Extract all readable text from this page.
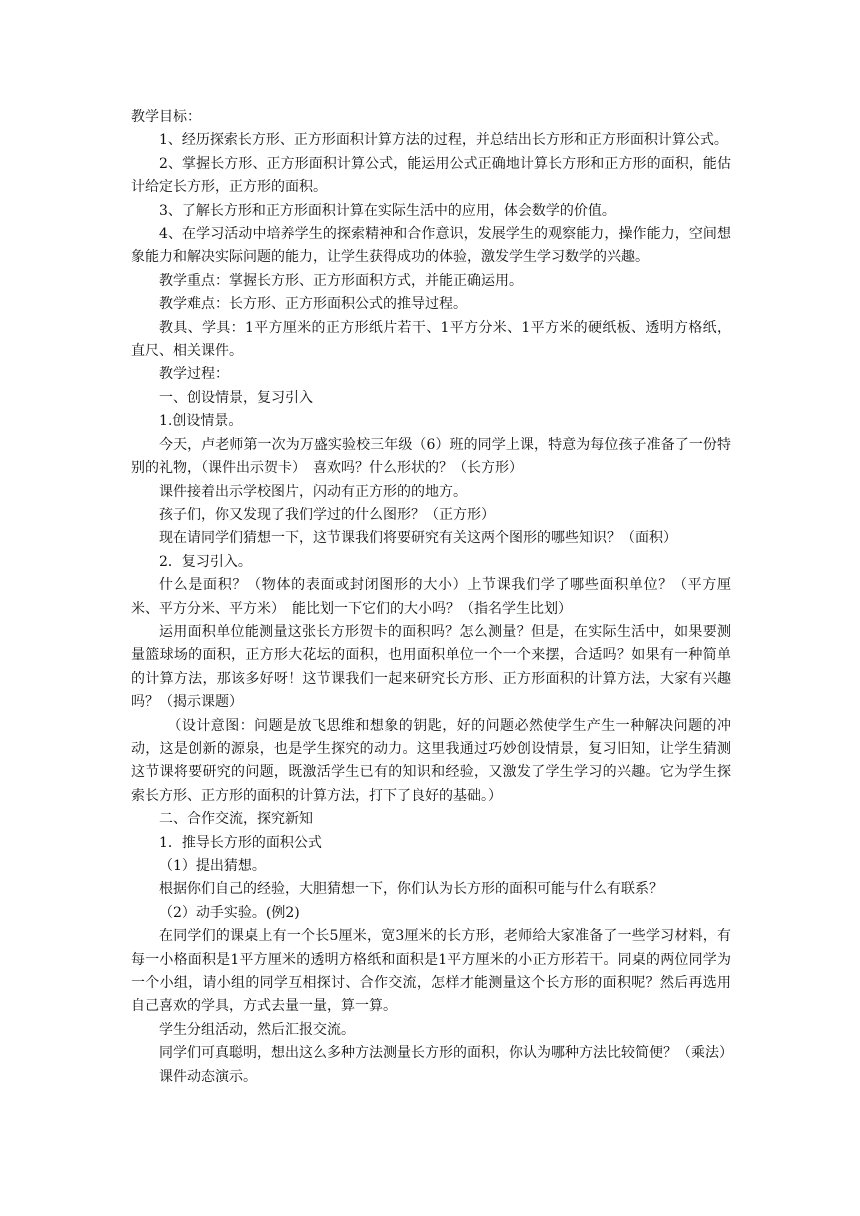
教学目标：

1、经历探索长方形、正方形面积计算方法的过程，并总结出长方形和正方形面积计算公式。

2、掌握长方形、正方形面积计算公式，能运用公式正确地计算长方形和正方形的面积，能估计给定长方形，正方形的面积。

3、了解长方形和正方形面积计算在实际生活中的应用，体会数学的价值。

4、在学习活动中培养学生的探索精神和合作意识，发展学生的观察能力，操作能力，空间想象能力和解决实际问题的能力，让学生获得成功的体验，激发学生学习数学的兴趣。

教学重点：掌握长方形、正方形面积方式，并能正确运用。

教学难点：长方形、正方形面积公式的推导过程。

教具、学具：1平方厘米的正方形纸片若干、1平方分米、1平方米的硬纸板、透明方格纸，直尺、相关课件。

教学过程：

一、创设情景，复习引入

1.创设情景。

今天，卢老师第一次为万盛实验校三年级（6）班的同学上课，特意为每位孩子准备了一份特别的礼物，（课件出示贺卡）　喜欢吗？什么形状的？（长方形）

课件接着出示学校图片，闪动有正方形的的地方。

孩子们，你又发现了我们学过的什么图形？（正方形）

现在请同学们猜想一下，这节课我们将要研究有关这两个图形的哪些知识？（面积）

2．复习引入。

什么是面积？（物体的表面或封闭图形的大小）上节课我们学了哪些面积单位？（平方厘米、平方分米、平方米）　能比划一下它们的大小吗？（指名学生比划）

运用面积单位能测量这张长方形贺卡的面积吗？怎么测量？但是，在实际生活中，如果要测量篮球场的面积，正方形大花坛的面积，也用面积单位一个一个来摆，合适吗？如果有一种简单的计算方法，那该多好呀！这节课我们一起来研究长方形、正方形面积的计算方法，大家有兴趣吗？（揭示课题）

（设计意图：问题是放飞思维和想象的钥匙，好的问题必然使学生产生一种解决问题的冲动，这是创新的源泉，也是学生探究的动力。这里我通过巧妙创设情景，复习旧知，让学生猜测这节课将要研究的问题，既激活学生已有的知识和经验，又激发了学生学习的兴趣。它为学生探索长方形、正方形的面积的计算方法，打下了良好的基础。）

二、合作交流，探究新知

1．推导长方形的面积公式

（1）提出猜想。

根据你们自己的经验，大胆猜想一下，你们认为长方形的面积可能与什么有联系？

（2）动手实验。(例2)

在同学们的课桌上有一个长5厘米，宽3厘米的长方形，老师给大家准备了一些学习材料，有每一小格面积是1平方厘米的透明方格纸和面积是1平方厘米的小正方形若干。同桌的两位同学为一个小组，请小组的同学互相探讨、合作交流，怎样才能测量这个长方形的面积呢？然后再选用自己喜欢的学具，方式去量一量，算一算。

学生分组活动，然后汇报交流。

同学们可真聪明，想出这么多种方法测量长方形的面积，你认为哪种方法比较简便？（乘法）

课件动态演示。
